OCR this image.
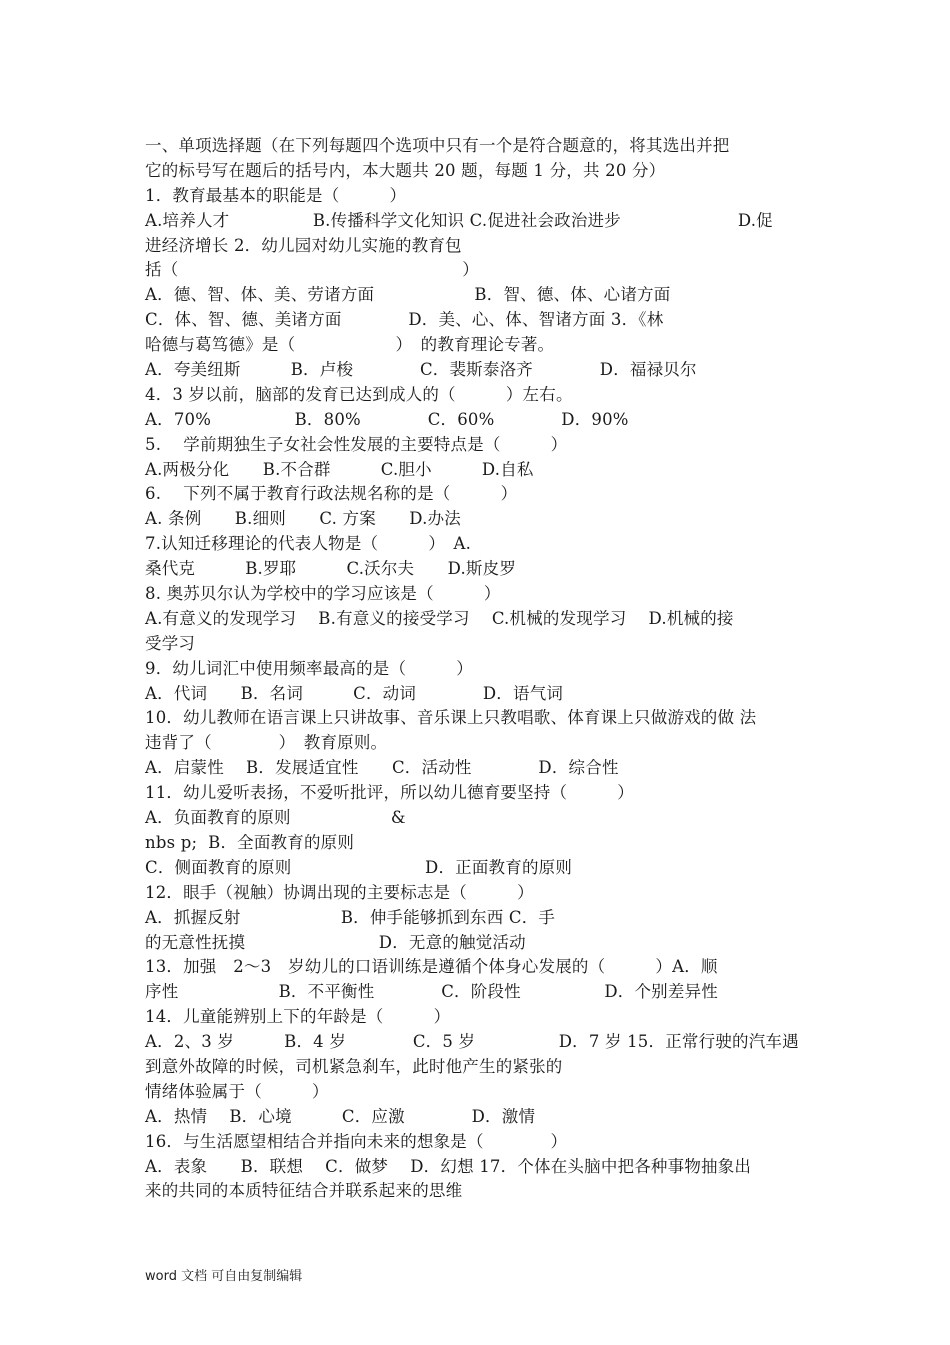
一、单项选择题（在下列每题四个选项中只有一个是符合题意的，将其选出并把
它的标号写在题后的括号内，本大题共 20 题，每题 1 分，共 20 分）
1．教育最基本的职能是（　　　）
A.培养人才　　　　　B.传播科学文化知识 C.促进社会政治进步　　　　　　　D.促
进经济增长 2．幼儿园对幼儿实施的教育包
括（　　　　　　　　　　　　　　　　　）
A．德、智、体、美、劳诸方面　　　　　　B．智、德、体、心诸方面
C．体、智、德、美诸方面　　　　D．美、心、体、智诸方面 3．《林
哈德与葛笃德》是（　　　　　　）　的教育理论专著。
A．夸美纽斯　　　B．卢梭　　　　C．裴斯泰洛齐　　　　D．福禄贝尔
4．3 岁以前，脑部的发育已达到成人的（　　　）左右。
A．70%　　　　　B．80%　　　　C．60%　　　　D．90%
5.　 学前期独生子女社会性发展的主要特点是（　　　）
A.两极分化　　B.不合群　　　C.胆小　　　D.自私
6.　 下列不属于教育行政法规名称的是（　　　）
A. 条例　　B.细则　　C. 方案　　D.办法
7.认知迁移理论的代表人物是（　　　）　A.
桑代克　　　B.罗耶　　　C.沃尔夫　　D.斯皮罗
8. 奥苏贝尔认为学校中的学习应该是（　　　）
A.有意义的发现学习　 B.有意义的接受学习　 C.机械的发现学习　 D.机械的接
受学习
9．幼儿词汇中使用频率最高的是（　　　）
A．代词　　B．名词　　　C．动词　　　　D．语气词
10．幼儿教师在语言课上只讲故事、音乐课上只教唱歌、体育课上只做游戏的做 法
违背了（　　　　）　教育原则。
A．启蒙性　 B．发展适宜性　　C．活动性　　　　D．综合性
11．幼儿爱听表扬，不爱听批评，所以幼儿德育要坚持（　　　）
A．负面教育的原则　　　　　　&
nbs p;  B．全面教育的原则
C．侧面教育的原则　　　　　　　　D．正面教育的原则
12．眼手（视触）协调出现的主要标志是（　　　）
A．抓握反射　　　　　　B．伸手能够抓到东西 C．手
的无意性抚摸　　　　　　　　D．无意的触觉活动
13．加强　2～3　岁幼儿的口语训练是遵循个体身心发展的（　　　）A．顺
序性　　　　　　B．不平衡性　　　　C．阶段性　　　　　D．个别差异性
14．儿童能辨别上下的年龄是（　　　）
A．2、3 岁　　　B．4 岁　　　　C．5 岁　　　　　D．7 岁 15．正常行驶的汽车遇
到意外故障的时候，司机紧急刹车，此时他产生的紧张的
情绪体验属于（　　　）
A．热情　 B．心境　　　C．应激　　　　D．激情
16．与生活愿望相结合并指向未来的想象是（　　　　）
A．表象　　B．联想　 C．做梦　 D．幻想 17．个体在头脑中把各种事物抽象出
来的共同的本质特征结合并联系起来的思维
word 文档 可自由复制编辑
